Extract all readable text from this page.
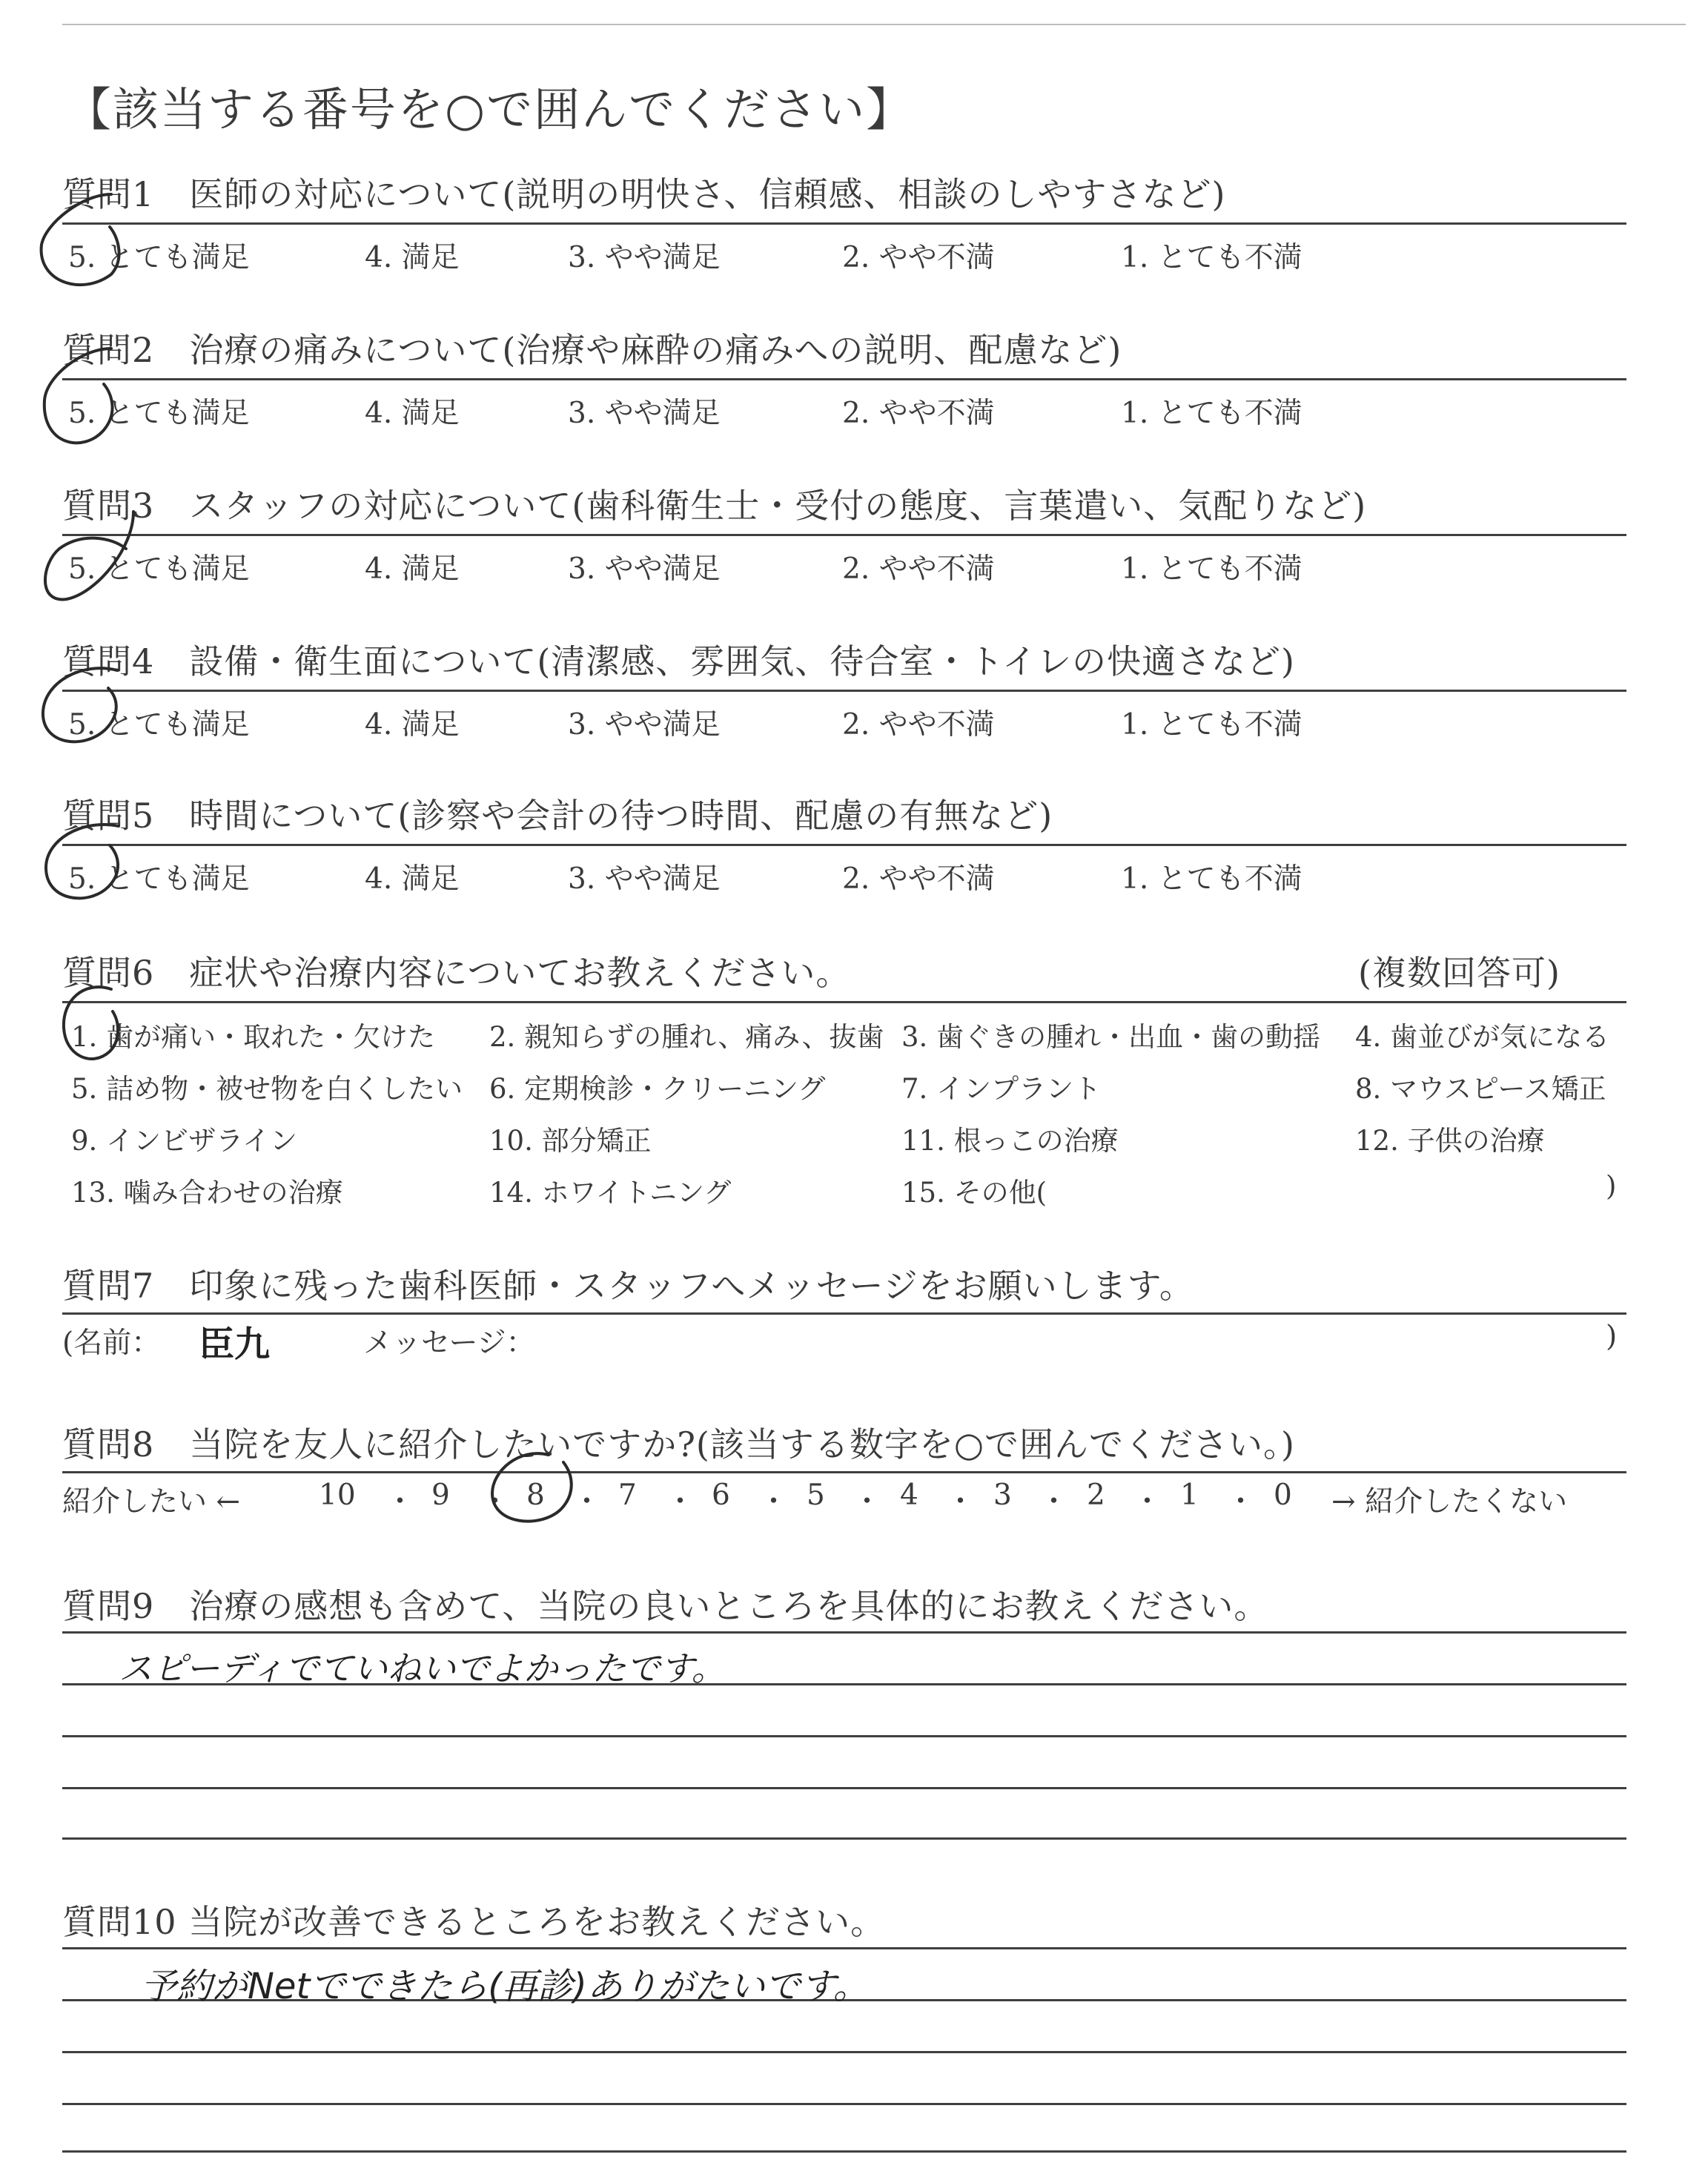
【該当する番号を○で囲んでください】
質問1　医師の対応について(説明の明快さ、信頼感、相談のしやすさなど)
5. とても満足	4. 満足	3. やや満足	2. やや不満	1. とても不満
質問2　治療の痛みについて(治療や麻酔の痛みへの説明、配慮など)
5. とても満足	4. 満足	3. やや満足	2. やや不満	1. とても不満
質問3　スタッフの対応について(歯科衛生士・受付の態度、言葉遣い、気配りなど)
5. とても満足	4. 満足	3. やや満足	2. やや不満	1. とても不満
質問4　設備・衛生面について(清潔感、雰囲気、待合室・トイレの快適さなど)
5. とても満足	4. 満足	3. やや満足	2. やや不満	1. とても不満
質問5　時間について(診察や会計の待つ時間、配慮の有無など)
5. とても満足	4. 満足	3. やや満足	2. やや不満	1. とても不満
質問6　症状や治療内容についてお教えください。	(複数回答可)
1. 歯が痛い・取れた・欠けた 2. 親知らずの腫れ、痛み、抜歯 3. 歯ぐきの腫れ・出血・歯の動揺 4. 歯並びが気になる
5. 詰め物・被せ物を白くしたい 6. 定期検診・クリーニング	7. インプラント	8. マウスピース矯正
9. インビザライン	10. 部分矯正	11. 根っこの治療	12. 子供の治療
13. 噛み合わせの治療	14. ホワイトニング	15. その他(	)
質問7　印象に残った歯科医師・スタッフへメッセージをお願いします。
(名前： 臣九	メッセージ：	)
質問8　当院を友人に紹介したいですか?(該当する数字を○で囲んでください。)
紹介したい ←	10 ・ 9 ・ 8 ・ 7 ・ 6 ・ 5 ・ 4 ・ 3 ・ 2 ・ 1 ・ 0 → 紹介したくない
質問9　治療の感想も含めて、当院の良いところを具体的にお教えください。
スピーディでていねいでよかったです。
質問10 当院が改善できるところをお教えください。
予約がNetでできたら(再診)ありがたいです。
